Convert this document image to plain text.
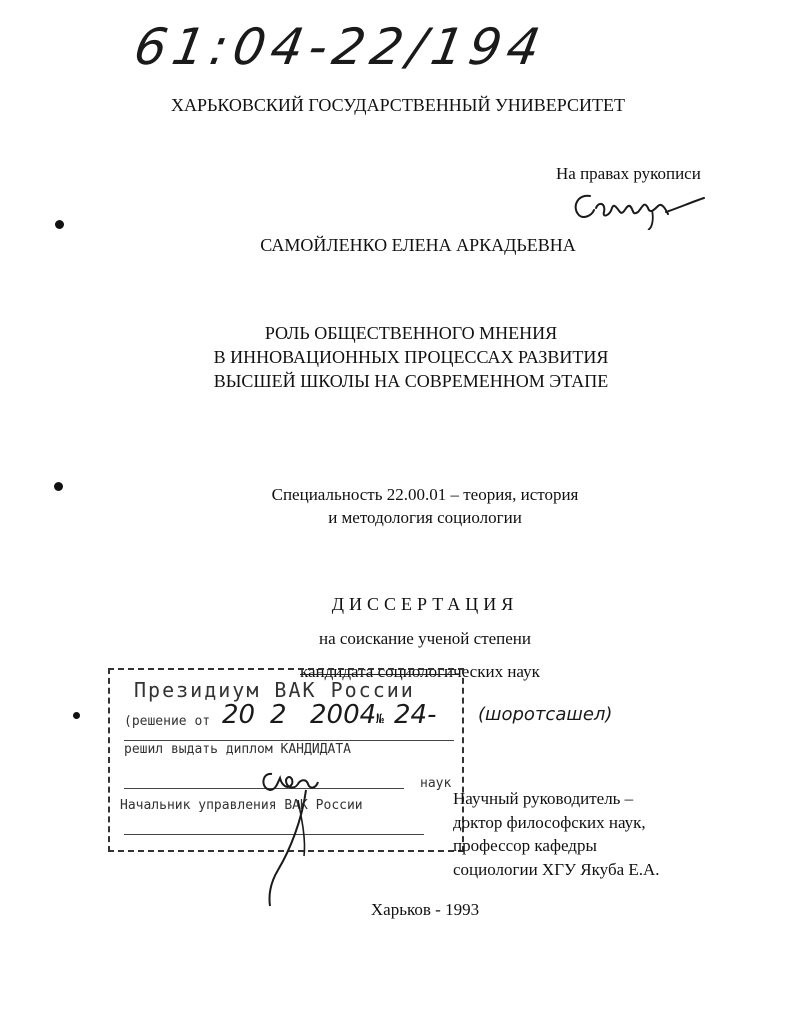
61:04-22/194
ХАРЬКОВСКИЙ ГОСУДАРСТВЕННЫЙ УНИВЕРСИТЕТ
На правах рукописи
САМОЙЛЕНКО ЕЛЕНА АРКАДЬЕВНА
РОЛЬ ОБЩЕСТВЕННОГО МНЕНИЯ
В ИННОВАЦИОННЫХ ПРОЦЕССАХ РАЗВИТИЯ
ВЫСШЕЙ ШКОЛЫ НА СОВРЕМЕННОМ ЭТАПЕ
Специальность 22.00.01 – теория, история
и методология социологии
ДИССЕРТАЦИЯ
на соискание ученой степени
кандидата социологических наук
Президиум ВАК России
(решение от
решил выдать диплом КАНДИДАТА
наук
Начальник управления ВАК России
20 2 2004 № 24- (шоротсашел)
Научный руководитель –
доктор философских наук,
профессор кафедры
социологии ХГУ Якуба Е.А.
Харьков - 1993
